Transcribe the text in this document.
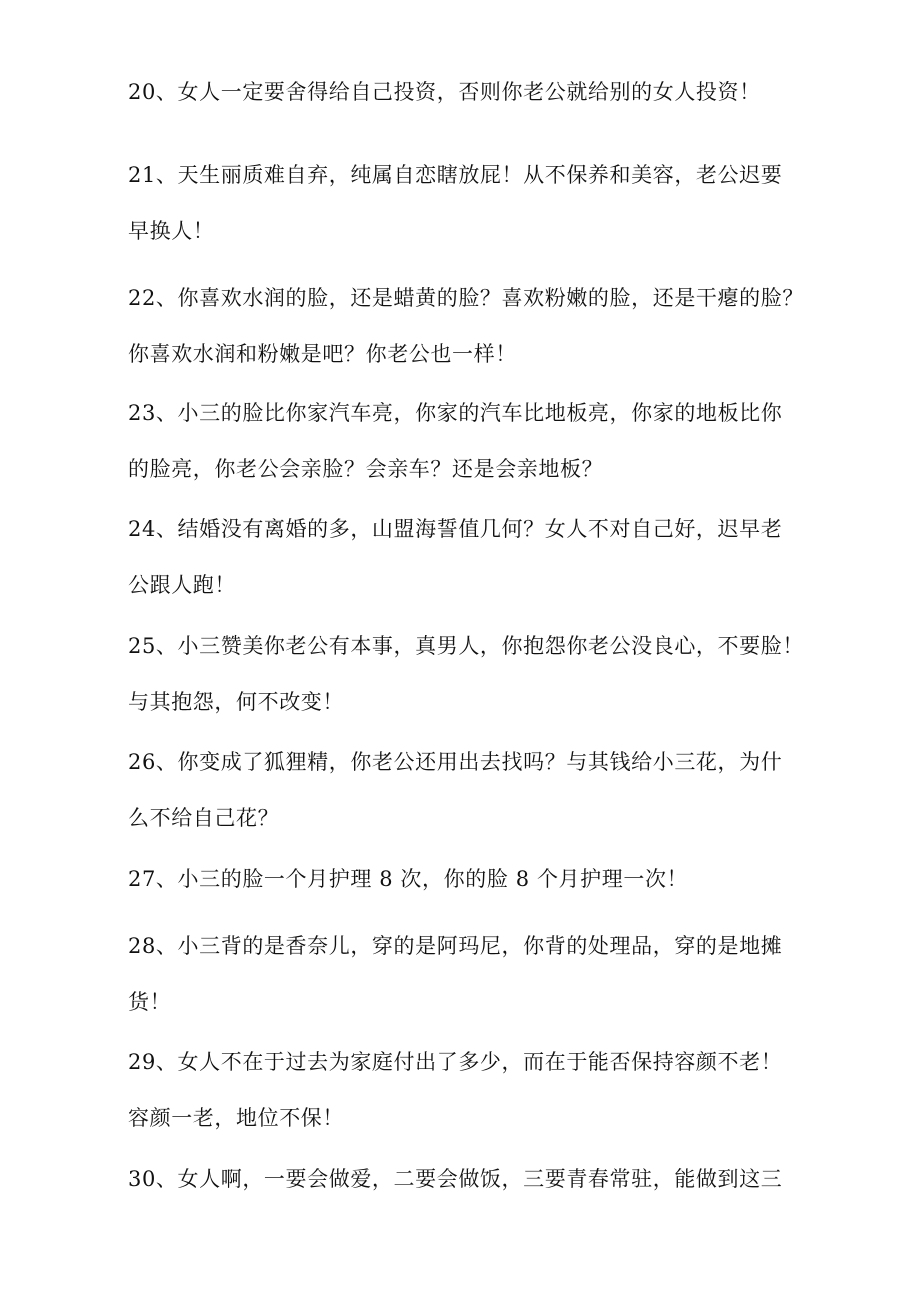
20、女人一定要舍得给自己投资，否则你老公就给别的女人投资！
21、天生丽质难自弃，纯属自恋瞎放屁！从不保养和美容，老公迟要
早换人！
22、你喜欢水润的脸，还是蜡黄的脸？喜欢粉嫩的脸，还是干瘪的脸？
你喜欢水润和粉嫩是吧？你老公也一样！
23、小三的脸比你家汽车亮，你家的汽车比地板亮，你家的地板比你
的脸亮，你老公会亲脸？会亲车？还是会亲地板？
24、结婚没有离婚的多，山盟海誓值几何？女人不对自己好，迟早老
公跟人跑！
25、小三赞美你老公有本事，真男人，你抱怨你老公没良心，不要脸！
与其抱怨，何不改变！
26、你变成了狐狸精，你老公还用出去找吗？与其钱给小三花，为什
么不给自己花？
27、小三的脸一个月护理 8 次，你的脸 8 个月护理一次！
28、小三背的是香奈儿，穿的是阿玛尼，你背的处理品，穿的是地摊
货！
29、女人不在于过去为家庭付出了多少，而在于能否保持容颜不老！
容颜一老，地位不保！
30、女人啊，一要会做爱，二要会做饭，三要青春常驻，能做到这三
